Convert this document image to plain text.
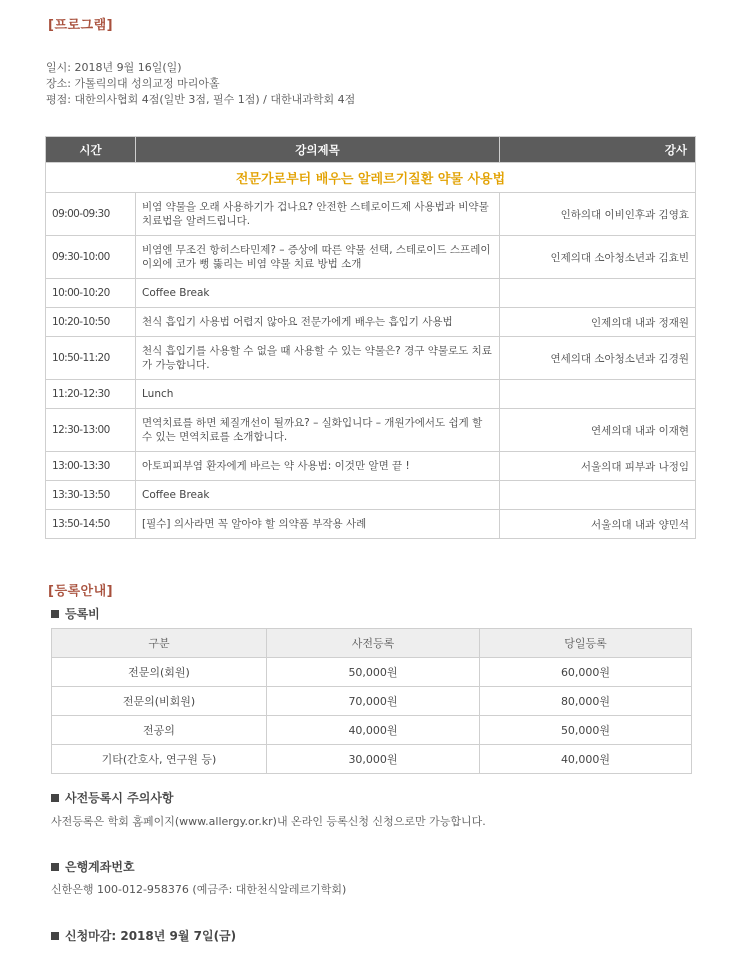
[프로그램]
일시: 2018년 9월 16일(일)
장소: 가톨릭의대 성의교정 마리아홀
평점: 대한의사협회 4점(일반 3점, 필수 1점) / 대한내과학회 4점
시간	강의제목	강사
전문가로부터 배우는 알레르기질환 약물 사용법		
09:00-09:30	비염 약물을 오래 사용하기가 겁나요? 안전한 스테로이드제 사용법과 비약물 치료법을 알려드립니다.	인하의대 이비인후과 김영효
09:30-10:00	비염엔 무조건 항히스타민제? – 증상에 따른 약물 선택, 스테로이드 스프레이 이외에 코가 뻥 뚫리는 비염 약물 치료 방법 소개	인제의대 소아청소년과 김효빈
10:00-10:20	Coffee Break	
10:20-10:50	천식 흡입기 사용법 어렵지 않아요 전문가에게 배우는 흡입기 사용법	인제의대 내과 정재원
10:50-11:20	천식 흡입기를 사용할 수 없을 때 사용할 수 있는 약물은? 경구 약물로도 치료가 가능합니다.	연세의대 소아청소년과 김경원
11:20-12:30	Lunch	
12:30-13:00	면역치료를 하면 체질개선이 될까요? – 실화입니다 – 개원가에서도 쉽게 할 수 있는 면역치료를 소개합니다.	연세의대 내과 이재현
13:00-13:30	아토피피부염 환자에게 바르는 약 사용법: 이것만 알면 끝 !	서울의대 피부과 나정임
13:30-13:50	Coffee Break	
13:50-14:50	[필수] 의사라면 꼭 알아야 할 의약품 부작용 사례	서울의대 내과 양민석
[등록안내]
등록비
구분	사전등록	당일등록
전문의(회원)	50,000원	60,000원
전문의(비회원)	70,000원	80,000원
전공의	40,000원	50,000원
기타(간호사, 연구원 등)	30,000원	40,000원
사전등록시 주의사항
사전등록은 학회 홈페이지(www.allergy.or.kr)내 온라인 등록신청 신청으로만 가능합니다.
은행계좌번호
신한은행 100-012-958376 (예금주: 대한천식알레르기학회)
신청마감: 2018년 9월 7일(금)
